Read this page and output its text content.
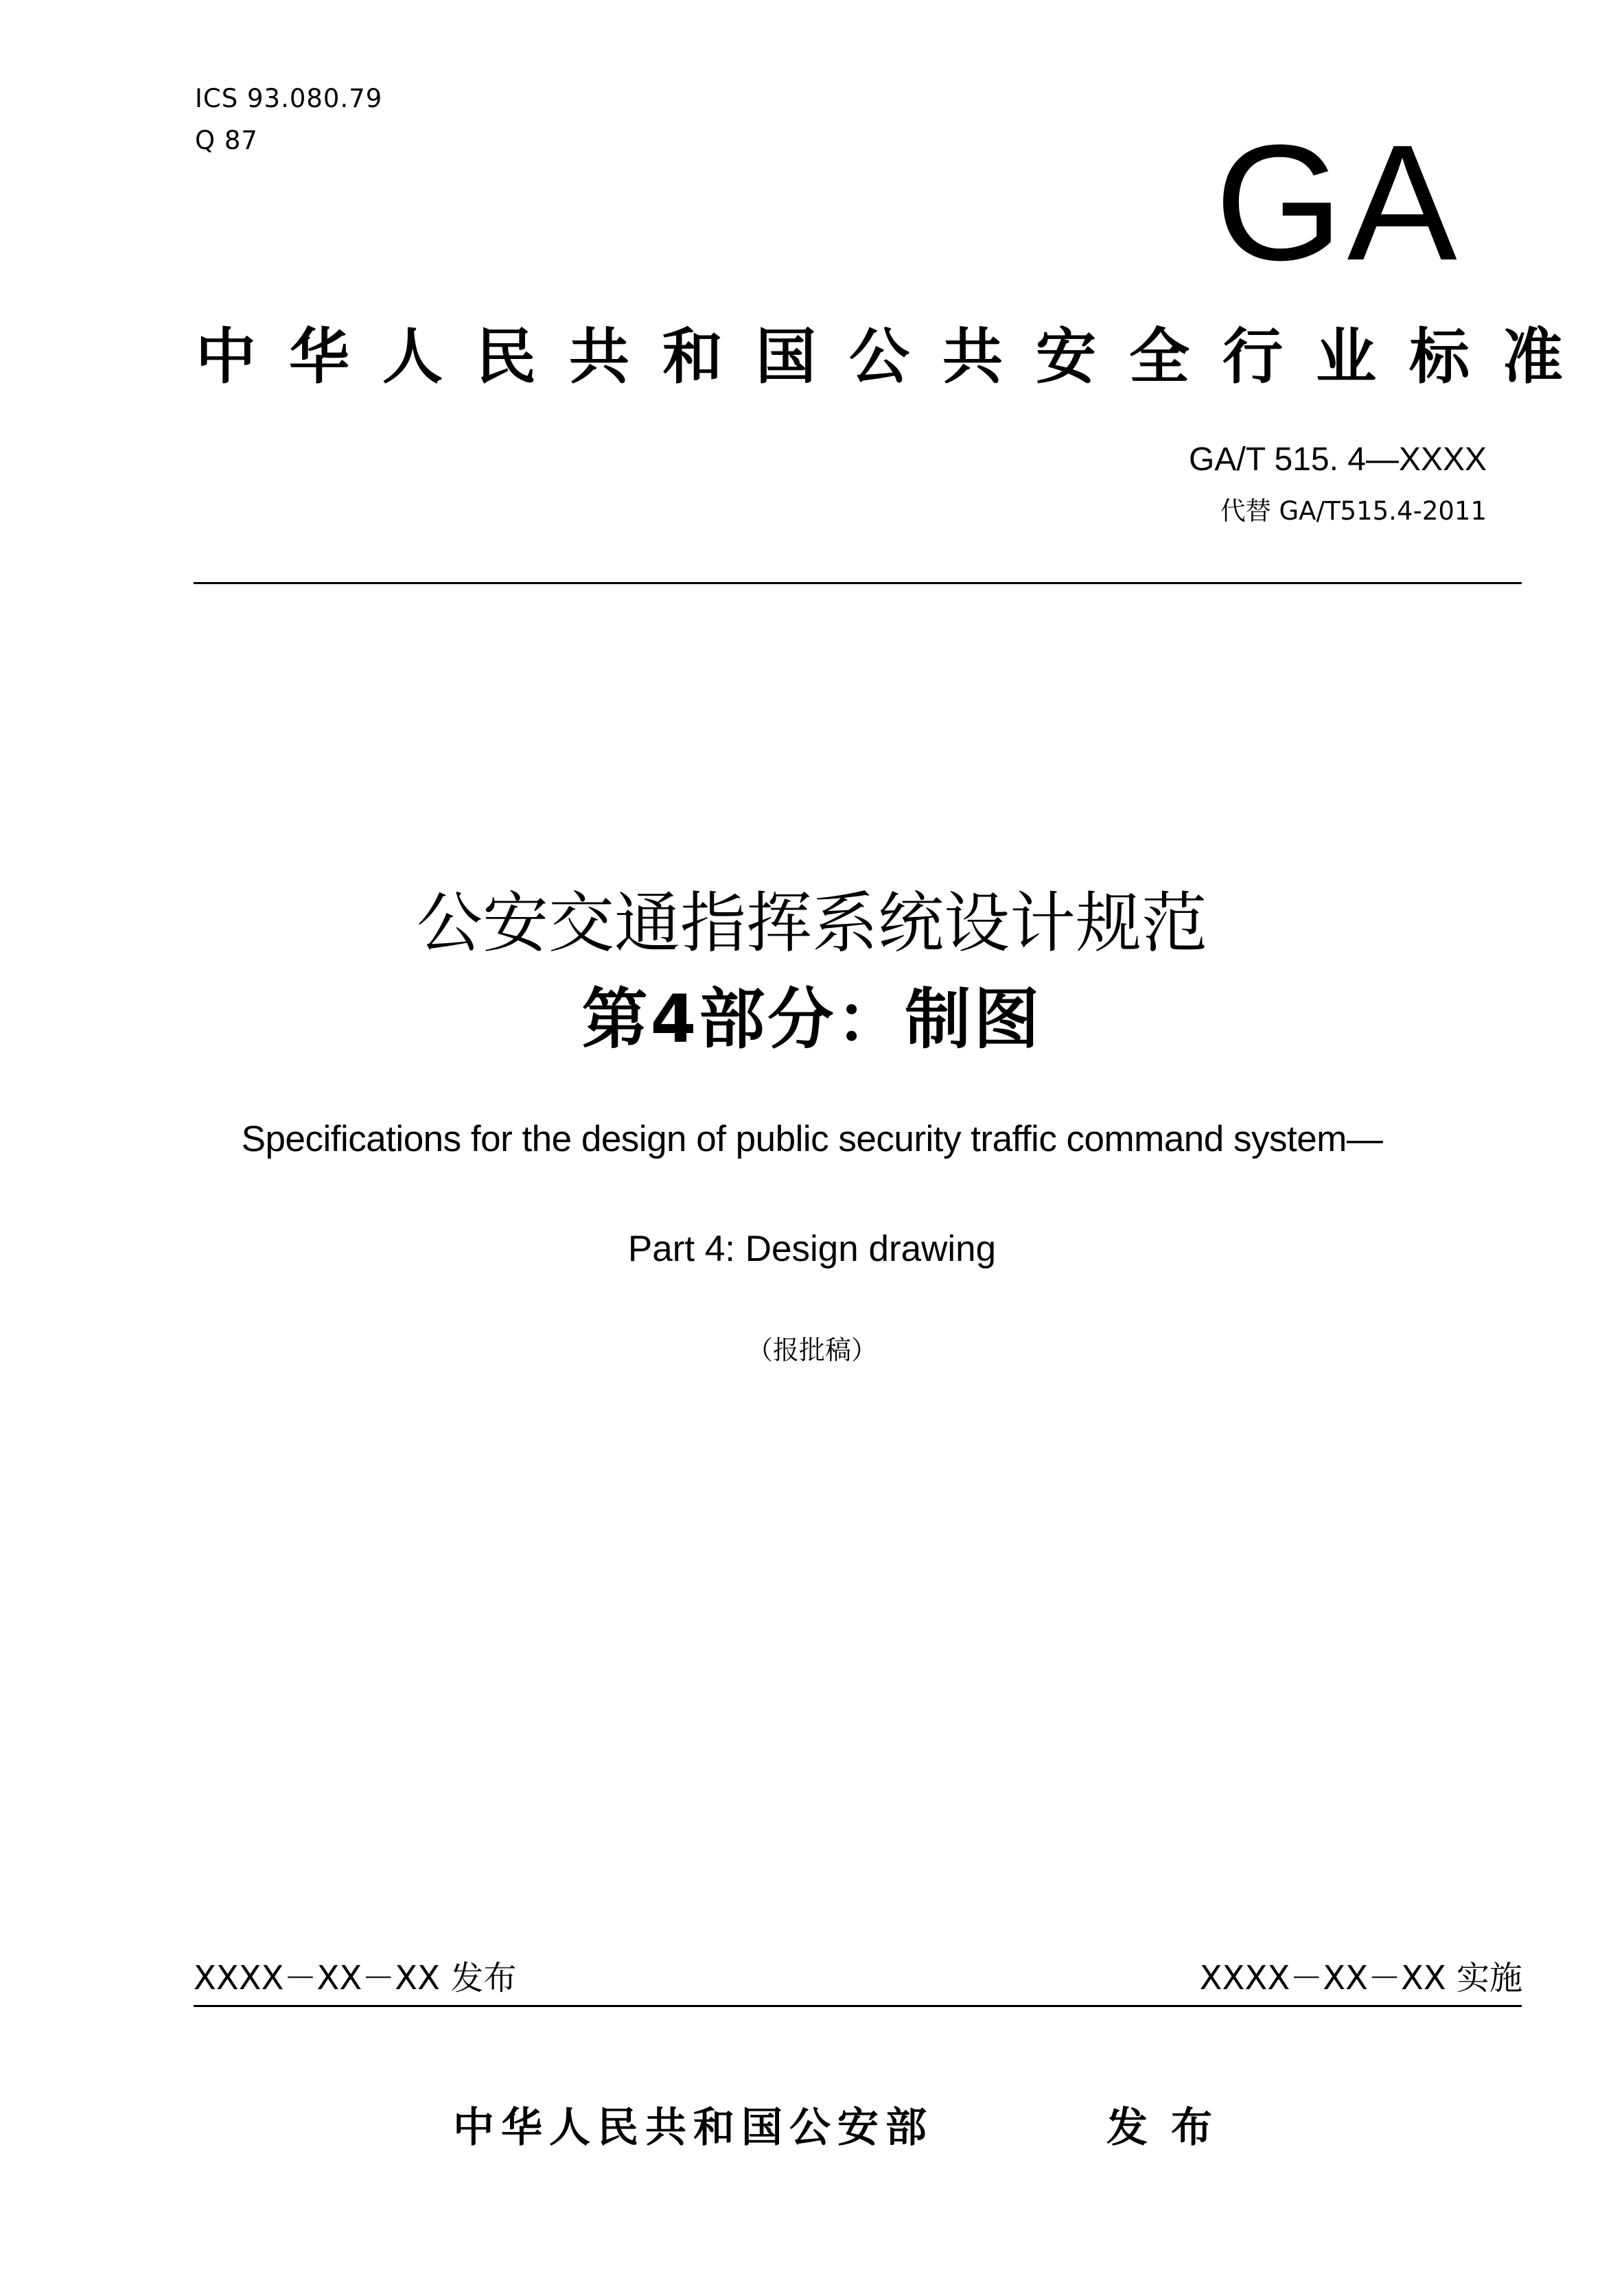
ICS 93.080.79
Q 87	GA
中华人民共和国公共安全行业标准
GA/T 515. 4—XXXX
代替 GA/T515.4-2011
公安交通指挥系统设计规范
第4部分：制图
Specifications for the design of public security traffic command system—
Part 4: Design drawing
（报批稿）
XXXX－XX－XX 发布	XXXX－XX－XX 实施
中华人民共和国公安部	发布
